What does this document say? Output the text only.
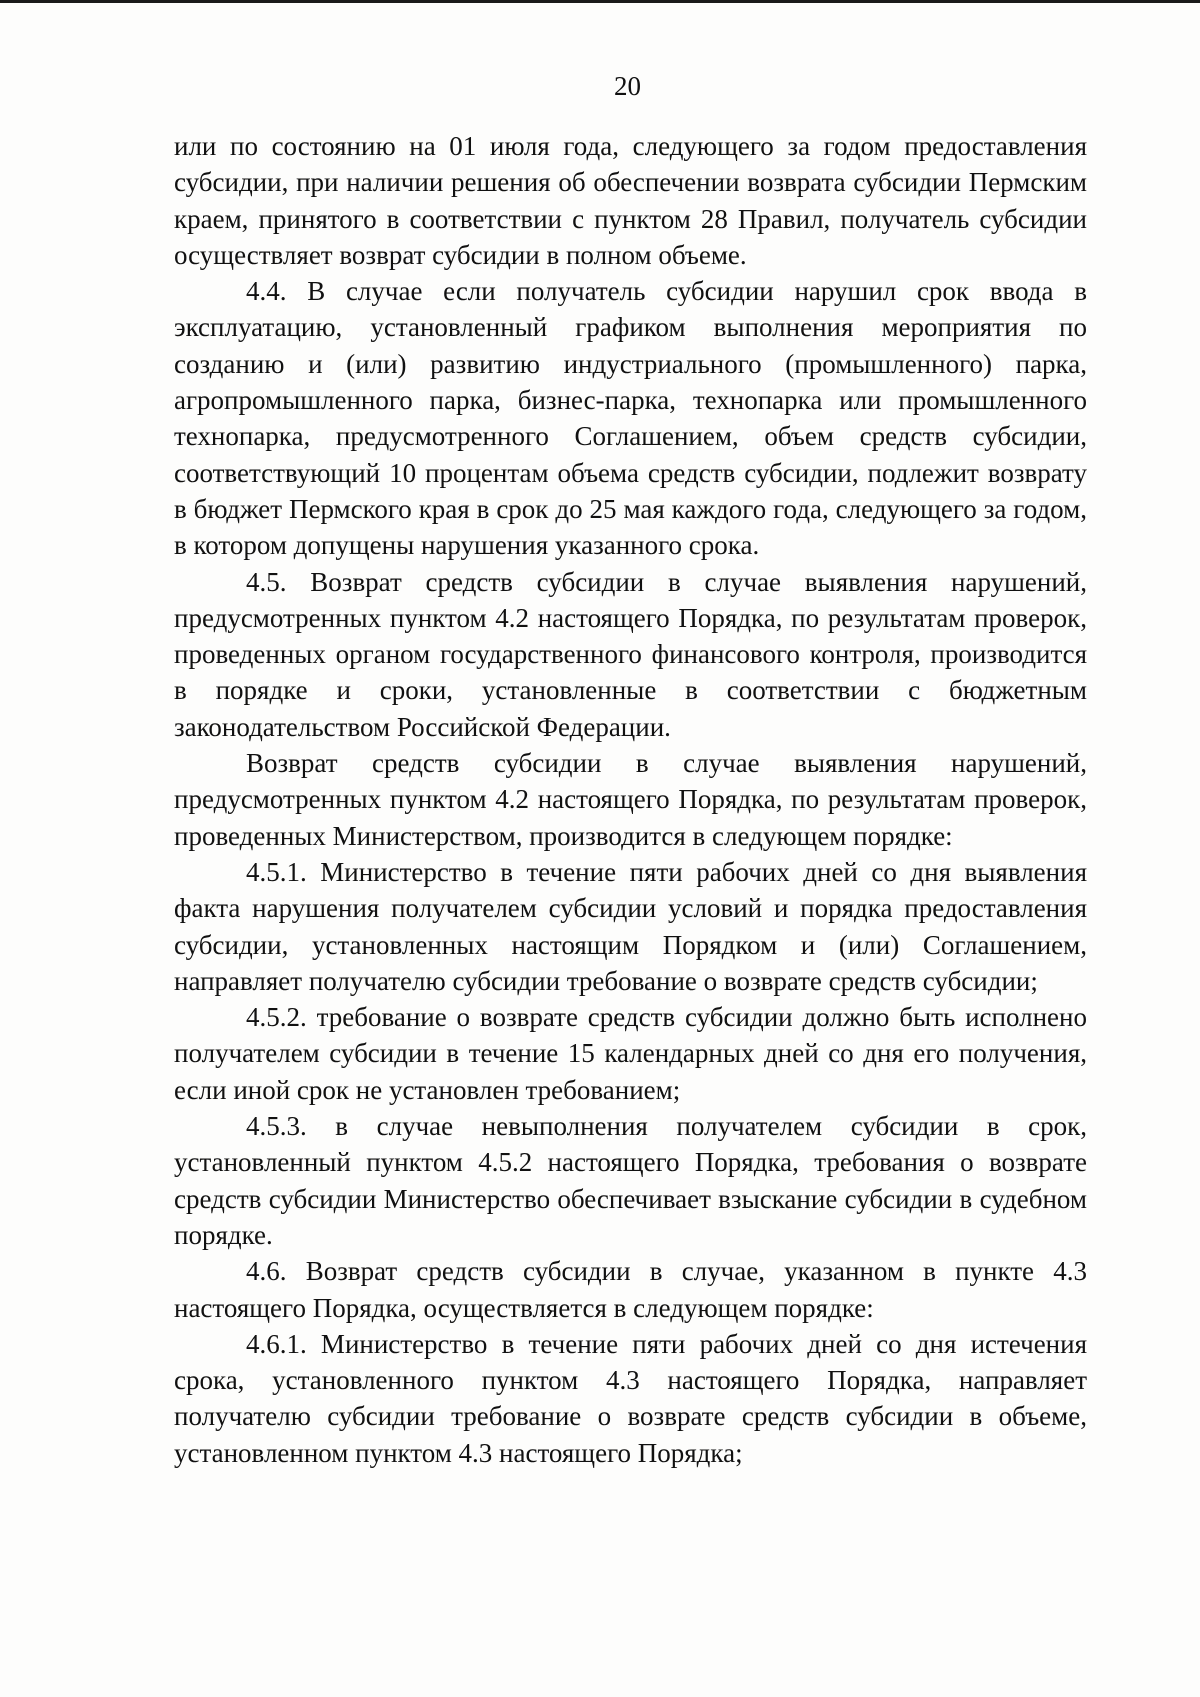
20

или по состоянию на 01 июля года, следующего за годом предоставления субсидии, при наличии решения об обеспечении возврата субсидии Пермским краем, принятого в соответствии с пунктом 28 Правил, получатель субсидии осуществляет возврат субсидии в полном объеме.

4.4. В случае если получатель субсидии нарушил срок ввода в эксплуатацию, установленный графиком выполнения мероприятия по созданию и (или) развитию индустриального (промышленного) парка, агропромышленного парка, бизнес-парка, технопарка или промышленного технопарка, предусмотренного Соглашением, объем средств субсидии, соответствующий 10 процентам объема средств субсидии, подлежит возврату в бюджет Пермского края в срок до 25 мая каждого года, следующего за годом, в котором допущены нарушения указанного срока.

4.5. Возврат средств субсидии в случае выявления нарушений, предусмотренных пунктом 4.2 настоящего Порядка, по результатам проверок, проведенных органом государственного финансового контроля, производится в порядке и сроки, установленные в соответствии с бюджетным законодательством Российской Федерации.

Возврат средств субсидии в случае выявления нарушений, предусмотренных пунктом 4.2 настоящего Порядка, по результатам проверок, проведенных Министерством, производится в следующем порядке:

4.5.1. Министерство в течение пяти рабочих дней со дня выявления факта нарушения получателем субсидии условий и порядка предоставления субсидии, установленных настоящим Порядком и (или) Соглашением, направляет получателю субсидии требование о возврате средств субсидии;

4.5.2. требование о возврате средств субсидии должно быть исполнено получателем субсидии в течение 15 календарных дней со дня его получения, если иной срок не установлен требованием;

4.5.3. в случае невыполнения получателем субсидии в срок, установленный пунктом 4.5.2 настоящего Порядка, требования о возврате средств субсидии Министерство обеспечивает взыскание субсидии в судебном порядке.

4.6. Возврат средств субсидии в случае, указанном в пункте 4.3 настоящего Порядка, осуществляется в следующем порядке:

4.6.1. Министерство в течение пяти рабочих дней со дня истечения срока, установленного пунктом 4.3 настоящего Порядка, направляет получателю субсидии требование о возврате средств субсидии в объеме, установленном пунктом 4.3 настоящего Порядка;
